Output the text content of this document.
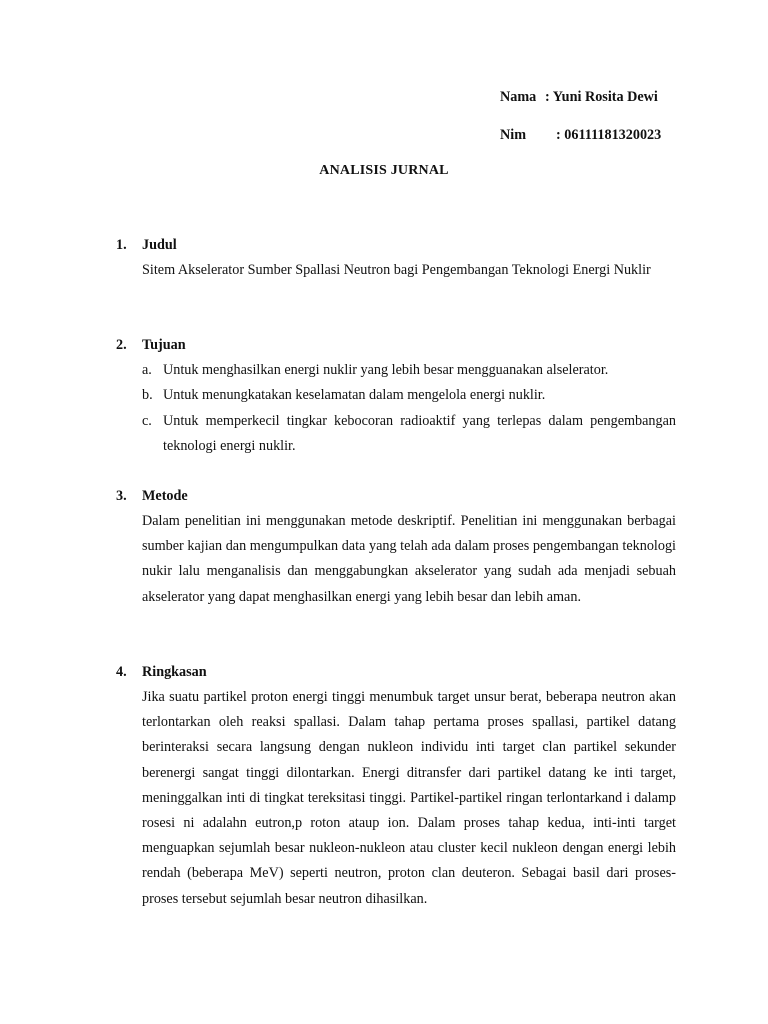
Nama : Yuni Rosita Dewi
Nim : 06111181320023
ANALISIS JURNAL
1. Judul
Sitem Akselerator Sumber Spallasi Neutron bagi Pengembangan Teknologi Energi Nuklir
2. Tujuan
a. Untuk menghasilkan energi nuklir yang lebih besar mengguanakan alselerator.
b. Untuk menungkatakan keselamatan dalam mengelola energi nuklir.
c. Untuk memperkecil tingkar kebocoran radioaktif yang terlepas dalam pengembangan teknologi energi nuklir.
3. Metode
Dalam penelitian ini menggunakan metode deskriptif. Penelitian ini menggunakan berbagai sumber kajian dan mengumpulkan data yang telah ada dalam proses pengembangan teknologi nukir lalu menganalisis dan menggabungkan akselerator yang sudah ada menjadi sebuah akselerator yang dapat menghasilkan energi yang lebih besar dan lebih aman.
4. Ringkasan
Jika suatu partikel proton energi tinggi menumbuk target unsur berat, beberapa neutron akan terlontarkan oleh reaksi spallasi. Dalam tahap pertama proses spallasi, partikel datang berinteraksi secara langsung dengan nukleon individu inti target clan partikel sekunder berenergi sangat tinggi dilontarkan. Energi ditransfer dari partikel datang ke inti target, meninggalkan inti di tingkat tereksitasi tinggi. Partikel-partikel ringan terlontarkand i dalamp rosesi ni adalahn eutron,p roton ataup ion. Dalam proses tahap kedua, inti-inti target menguapkan sejumlah besar nukleon-nukleon atau cluster kecil nukleon dengan energi lebih rendah (beberapa MeV) seperti neutron, proton clan deuteron. Sebagai basil dari proses-proses tersebut sejumlah besar neutron dihasilkan.
